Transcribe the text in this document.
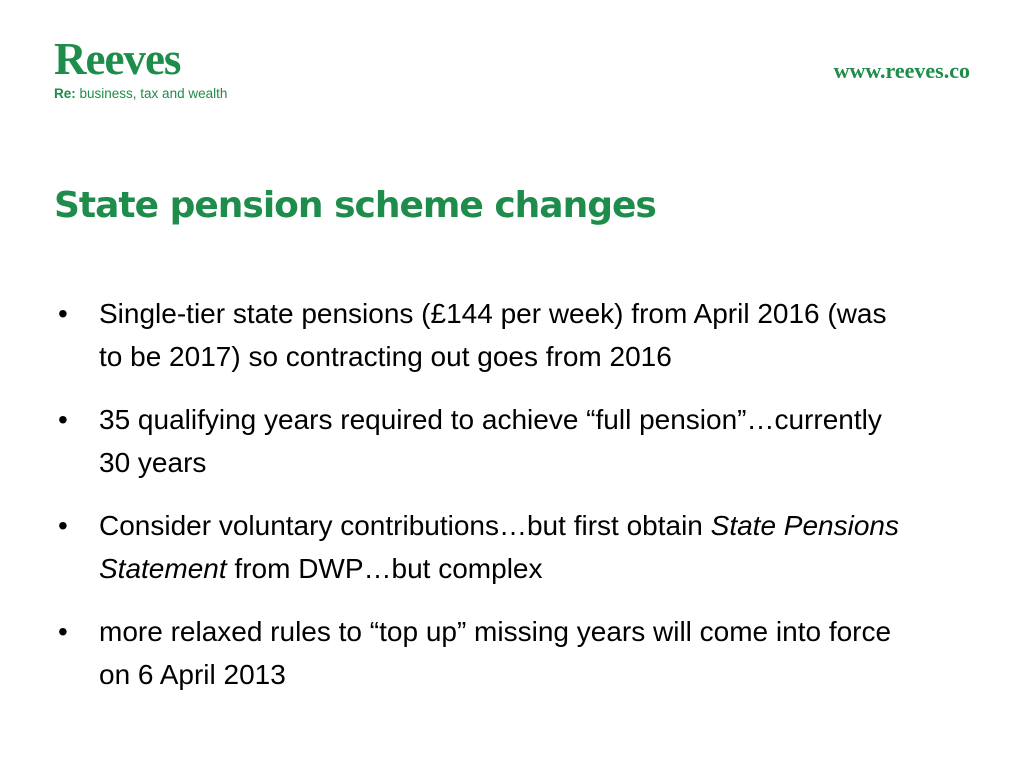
Reeves
Re: business, tax and wealth
www.reeves.co
State pension scheme changes
• Single-tier state pensions (£144 per week) from April 2016 (was to be 2017) so contracting out goes from 2016
• 35 qualifying years required to achieve “full pension”…currently 30 years
• Consider voluntary contributions…but first obtain State Pensions Statement from DWP…but complex
• more relaxed rules to “top up” missing years will come into force on 6 April 2013
